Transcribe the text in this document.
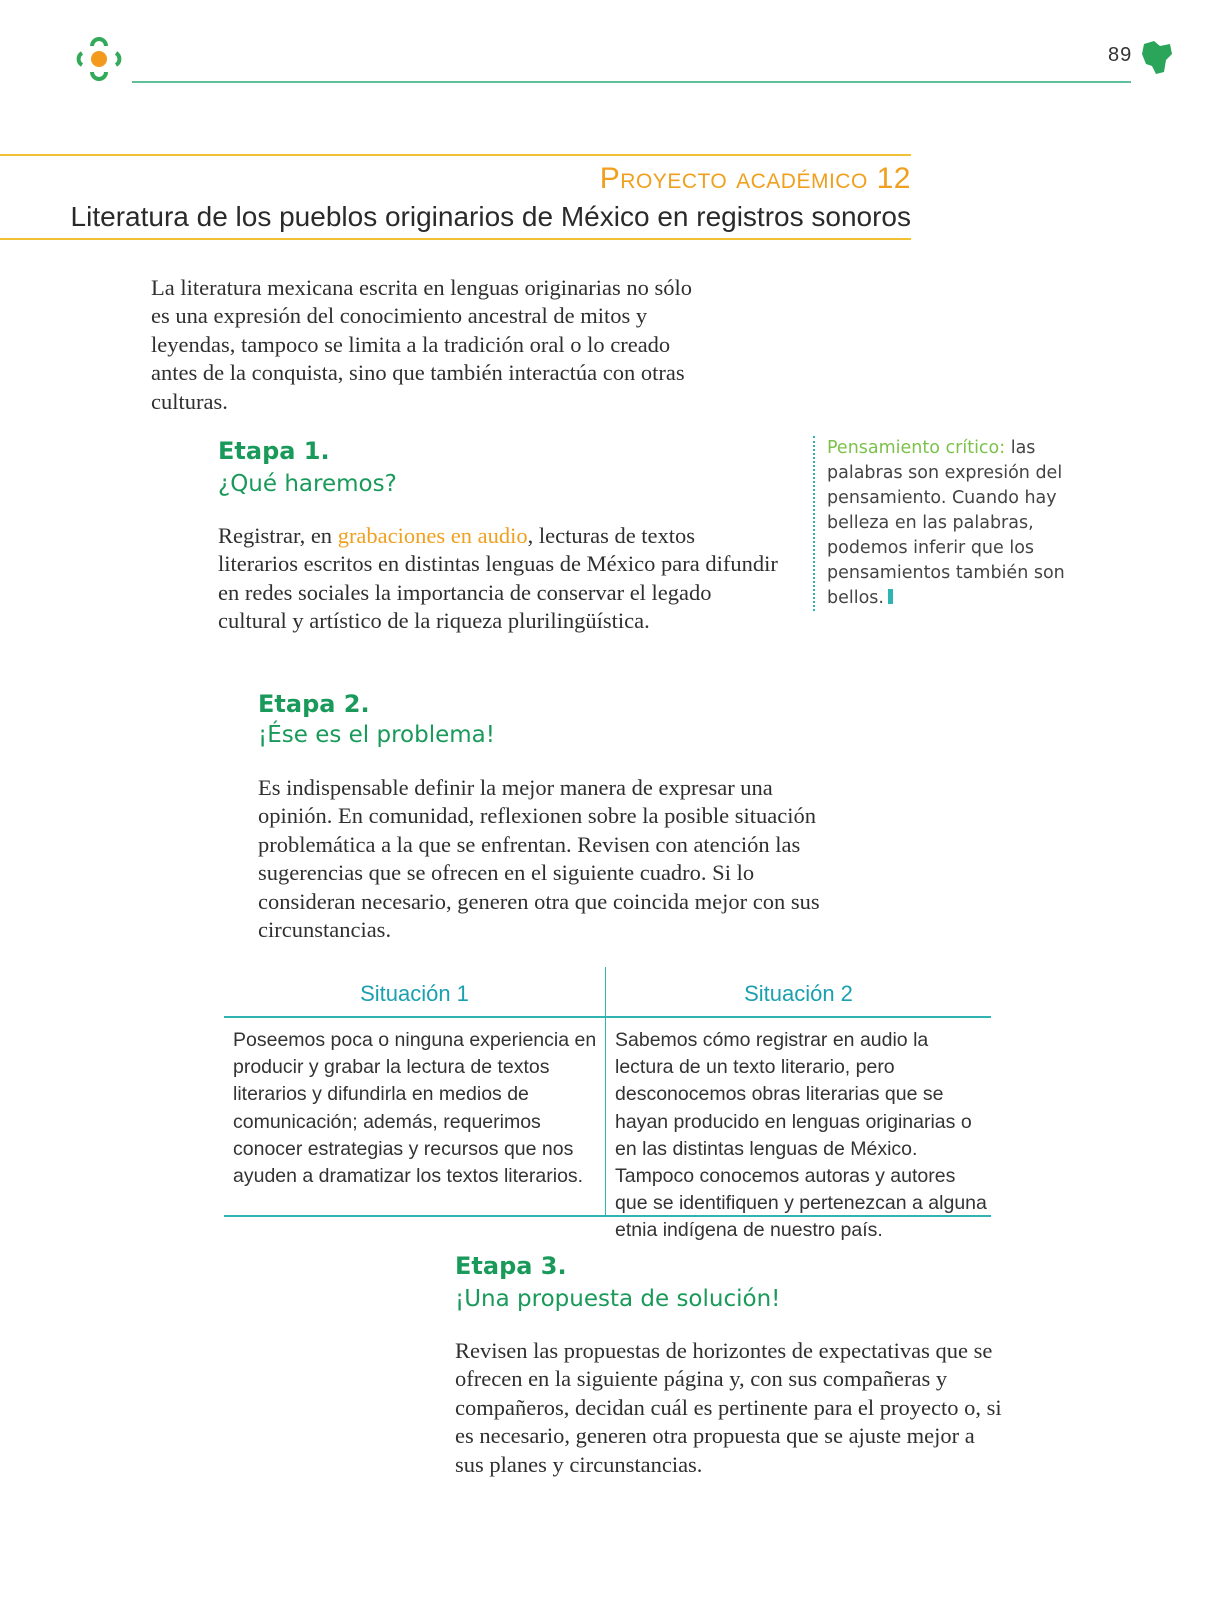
89
Proyecto académico 12
Literatura de los pueblos originarios de México en registros sonoros
La literatura mexicana escrita en lenguas originarias no sólo es una expresión del conocimiento ancestral de mitos y leyendas, tampoco se limita a la tradición oral o lo creado antes de la conquista, sino que también interactúa con otras culturas.
Etapa 1.
¿Qué haremos?
Registrar, en grabaciones en audio, lecturas de textos literarios escritos en distintas lenguas de México para difundir en redes sociales la importancia de conservar el legado cultural y artístico de la riqueza plurilingüística.
Pensamiento crítico: las palabras son expresión del pensamiento. Cuando hay belleza en las palabras, podemos inferir que los pensamientos también son bellos.
Etapa 2.
¡Ése es el problema!
Es indispensable definir la mejor manera de expresar una opinión. En comunidad, reflexionen sobre la posible situación problemática a la que se enfrentan. Revisen con atención las sugerencias que se ofrecen en el siguiente cuadro. Si lo consideran necesario, generen otra que coincida mejor con sus circunstancias.
Situación 1	Situación 2
Poseemos poca o ninguna experiencia en producir y grabar la lectura de textos literarios y difundirla en medios de comunicación; además, requerimos conocer estrategias y recursos que nos ayuden a dramatizar los textos literarios.
Sabemos cómo registrar en audio la lectura de un texto literario, pero desconocemos obras literarias que se hayan producido en lenguas originarias o en las distintas lenguas de México. Tampoco conocemos autoras y autores que se identifiquen y pertenezcan a alguna etnia indígena de nuestro país.
Etapa 3.
¡Una propuesta de solución!
Revisen las propuestas de horizontes de expectativas que se ofrecen en la siguiente página y, con sus compañeras y compañeros, decidan cuál es pertinente para el proyecto o, si es necesario, generen otra propuesta que se ajuste mejor a sus planes y circunstancias.
